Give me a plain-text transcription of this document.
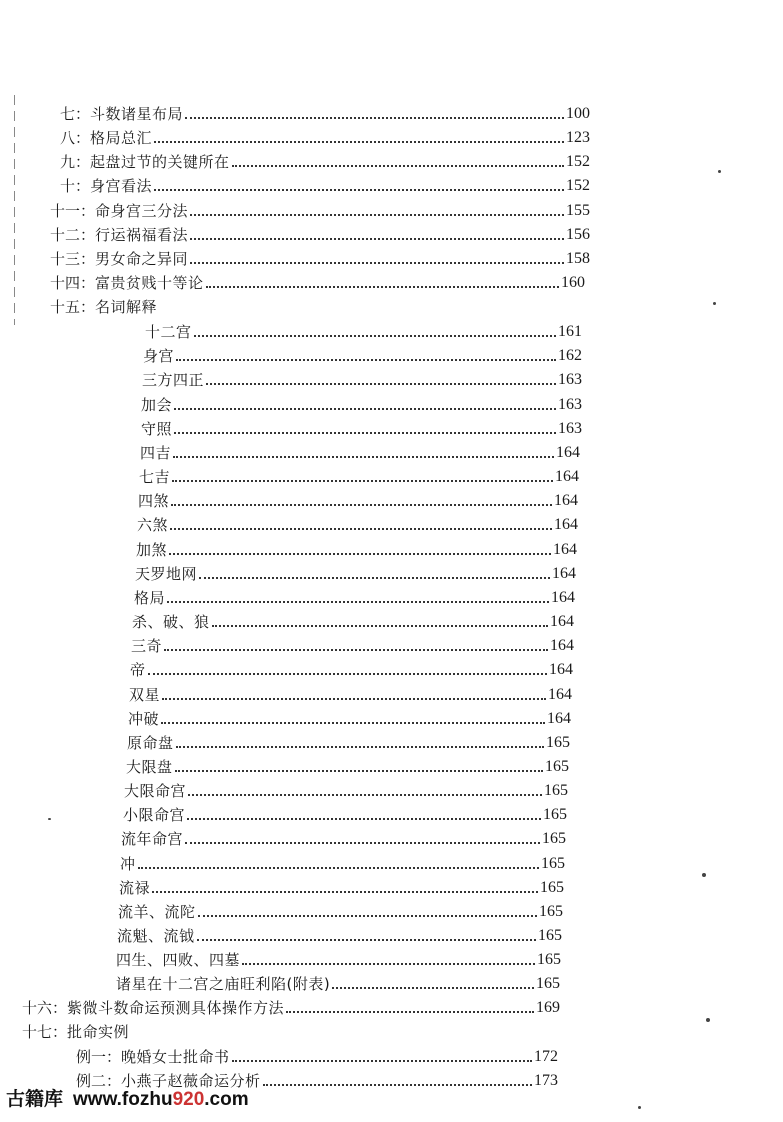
七： 斗数诸星布局	100
八： 格局总汇	123
九： 起盘过节的关键所在	152
十： 身宫看法	152
十一： 命身宫三分法	155
十二： 行运祸福看法	156
十三： 男女命之异同	158
十四： 富贵贫贱十等论	160
十五： 名词解释
十二宫	161
身宫	162
三方四正	163
加会	163
守照	163
四吉	164
七吉	164
四煞	164
六煞	164
加煞	164
天罗地网	164
格局	164
杀、破、狼	164
三奇	164
帝	164
双星	164
冲破	164
原命盘	165
大限盘	165
大限命宫	165
小限命宫	165
流年命宫	165
冲	165
流禄	165
流羊、流陀	165
流魁、流钺	165
四生、四败、四墓	165
诸星在十二宫之庙旺利陷(附表)	165
十六： 紫微斗数命运预测具体操作方法	169
十七： 批命实例
例一： 晚婚女士批命书	172
例二： 小燕子赵薇命运分析	173
古籍库 www.fozhu920.com
